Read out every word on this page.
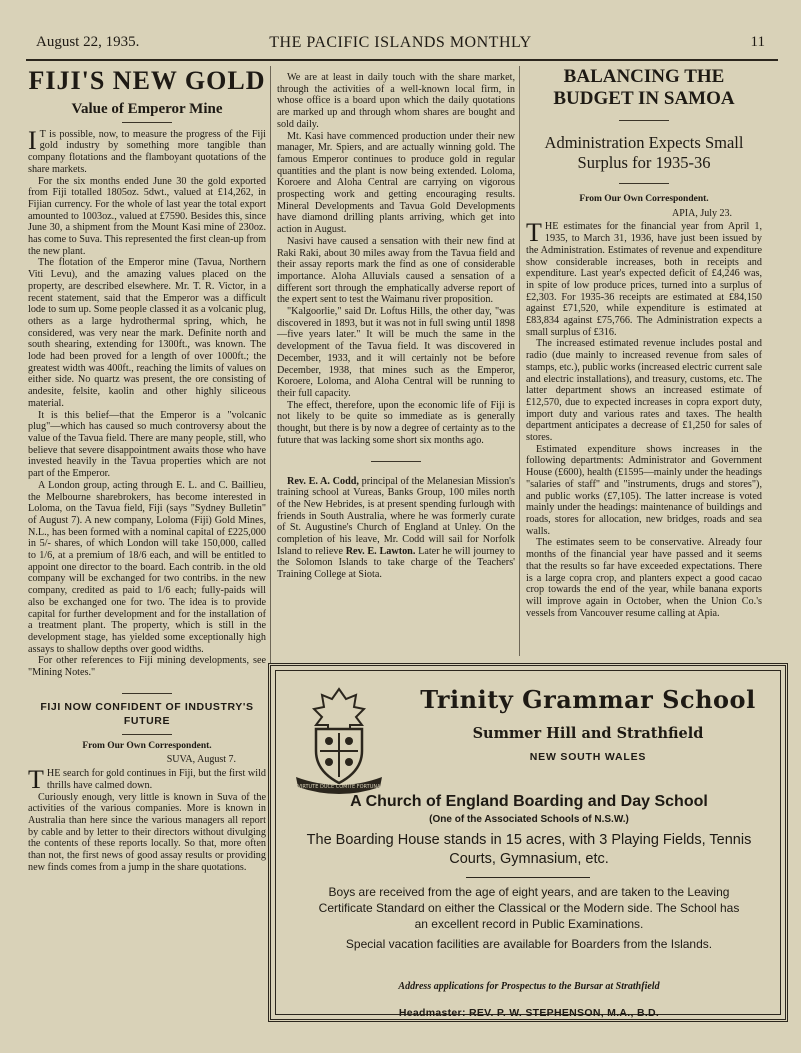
August 22, 1935.	THE PACIFIC ISLANDS MONTHLY	11
FIJI'S NEW GOLD
Value of Emperor Mine

I T is possible, now, to measure the progress of the Fiji gold industry by something more tangible than company flotations and the flamboyant quotations of the share markets.

For the six months ended June 30 the gold exported from Fiji totalled 1805oz. 5dwt., valued at £14,262, in Fijian currency. For the whole of last year the total export amounted to 1003oz., valued at £7590. Besides this, since June 30, a shipment from the Mount Kasi mine of 230oz. has come to Suva. This represented the first clean-up from the new plant.

The flotation of the Emperor mine (Tavua, Northern Viti Levu), and the amazing values placed on the property, are described elsewhere. Mr. T. R. Victor, in a recent statement, said that the Emperor was a difficult lode to sum up. Some people classed it as a volcanic plug, others as a large hydrothermal spring, which, he considered, was very near the mark. Definite north and south shearing, extending for 1300ft., was known. The lode had been proved for a length of over 1000ft.; the greatest width was 400ft., reaching the limits of values on either side. No quartz was present, the ore consisting of andesite, felsite, kaolin and other highly siliceous material.

It is this belief—that the Emperor is a "volcanic plug"—which has caused so much controversy about the value of the Tavua field. There are many people, still, who believe that severe disappointment awaits those who have invested heavily in the Tavua properties which are not part of the Emperor.

A London group, acting through E. L. and C. Baillieu, the Melbourne sharebrokers, has become interested in Loloma, on the Tavua field, Fiji (says "Sydney Bulletin" of August 7). A new company, Loloma (Fiji) Gold Mines, N.L., has been formed with a nominal capital of £225,000 in 5/- shares, of which London will take 150,000, called to 1/6, at a premium of 18/6 each, and will be entitled to appoint one director to the board. Each contrib. in the old company will be exchanged for two contribs. in the new company, credited as paid to 1/6 each; fully-paids will also be exchanged one for two. The idea is to provide capital for further development and for the installation of a treatment plant. The property, which is still in the development stage, has yielded some exceptionally high assays to shallow depths over good widths.

For other references to Fiji mining developments, see "Mining Notes."

FIJI NOW CONFIDENT OF INDUSTRY'S FUTURE
From Our Own Correspondent.
SUVA, August 7.

THE search for gold continues in Fiji, but the first wild thrills have calmed down.

Curiously enough, very little is known in Suva of the activities of the various companies. More is known in Australia than here since the various managers all report by cable and by letter to their directors without divulging the contents of these reports locally. So that, more often than not, the first news of good assay results or providing new finds comes from a jump in the share quotations.

We are at least in daily touch with the share market, through the activities of a well-known local firm, in whose office is a board upon which the daily quotations are marked up and through whom shares are bought and sold daily.

Mt. Kasi have commenced production under their new manager, Mr. Spiers, and are actually winning gold. The famous Emperor continues to produce gold in regular quantities and the plant is now being extended. Loloma, Koroere and Aloha Central are carrying on vigorous prospecting work and getting encouraging results. Mineral Developments and Tavua Gold Developments have diamond drilling plants arriving, which get into action in August.

Nasivi have caused a sensation with their new find at Raki Raki, about 30 miles away from the Tavua field and their assay reports mark the find as one of considerable importance. Aloha Alluvials caused a sensation of a different sort through the emphatically adverse report of the expert sent to test the Waimanu river proposition.

"Kalgoorlie," said Dr. Loftus Hills, the other day, "was discovered in 1893, but it was not in full swing until 1898—five years later." It will be much the same in the development of the Tavua field. It was discovered in December, 1933, and it will certainly not be before December, 1938, that mines such as the Emperor, Koroere, Loloma, and Aloha Central will be running to their full capacity.

The effect, therefore, upon the economic life of Fiji is not likely to be quite so immediate as is generally thought, but there is by now a degree of certainty as to the future that was lacking some short six months ago.

Rev. E. A. Codd, principal of the Melanesian Mission's training school at Vureas, Banks Group, 100 miles north of the New Hebrides, is at present spending furlough with friends in South Australia, where he was formerly curate of St. Augustine's Church of England at Unley. On the completion of his leave, Mr. Codd will sail for Norfolk Island to relieve Rev. E. Lawton. Later he will journey to the Solomon Islands to take charge of the Teachers' Training College at Siota.

BALANCING THE BUDGET IN SAMOA
Administration Expects Small Surplus for 1935-36
From Our Own Correspondent.
APIA, July 23.

THE estimates for the financial year from April 1, 1935, to March 31, 1936, have just been issued by the Administration. Estimates of revenue and expenditure show considerable increases, both in receipts and expenditure. Last year's expected deficit of £4,246 was, in spite of low produce prices, turned into a surplus of £2,303. For 1935-36 receipts are estimated at £84,150 against £71,520, while expenditure is estimated at £83,834 against £75,766. The Administration expects a small surplus of £316.

The increased estimated revenue includes postal and radio (due mainly to increased revenue from sales of stamps, etc.), public works (increased electric current sale and electric installations), and treasury, customs, etc. The latter department shows an increased estimate of £12,570, due to expected increases in copra export duty, import duty and various rates and taxes. The health department anticipates a decrease of £1,250 for sales of stores.

Estimated expenditure shows increases in the following departments: Administrator and Government House (£600), health (£1595—mainly under the headings "salaries of staff" and "instruments, drugs and stores"), and public works (£7,105). The latter increase is voted mainly under the headings: maintenance of buildings and roads, stores for allocation, new bridges, roads and sea walls.

The estimates seem to be conservative. Already four months of the financial year have passed and it seems that the results so far have exceeded expectations. There is a large copra crop, and planters expect a good cacao crop towards the end of the year, while banana exports will improve again in October, when the Union Co.'s vessels from Vancouver resume calling at Apia.

VIRTUTE DUCE COMITE FORTUNA
Trinity Grammar School
Summer Hill and Strathfield
NEW SOUTH WALES
A Church of England Boarding and Day School
(One of the Associated Schools of N.S.W.)
The Boarding House stands in 15 acres, with 3 Playing Fields, Tennis Courts, Gymnasium, etc.
Boys are received from the age of eight years, and are taken to the Leaving Certificate Standard on either the Classical or the Modern side. The School has an excellent record in Public Examinations.
Special vacation facilities are available for Boarders from the Islands.
Address applications for Prospectus to the Bursar at Strathfield
Headmaster: REV. P. W. STEPHENSON, M.A., B.D.
